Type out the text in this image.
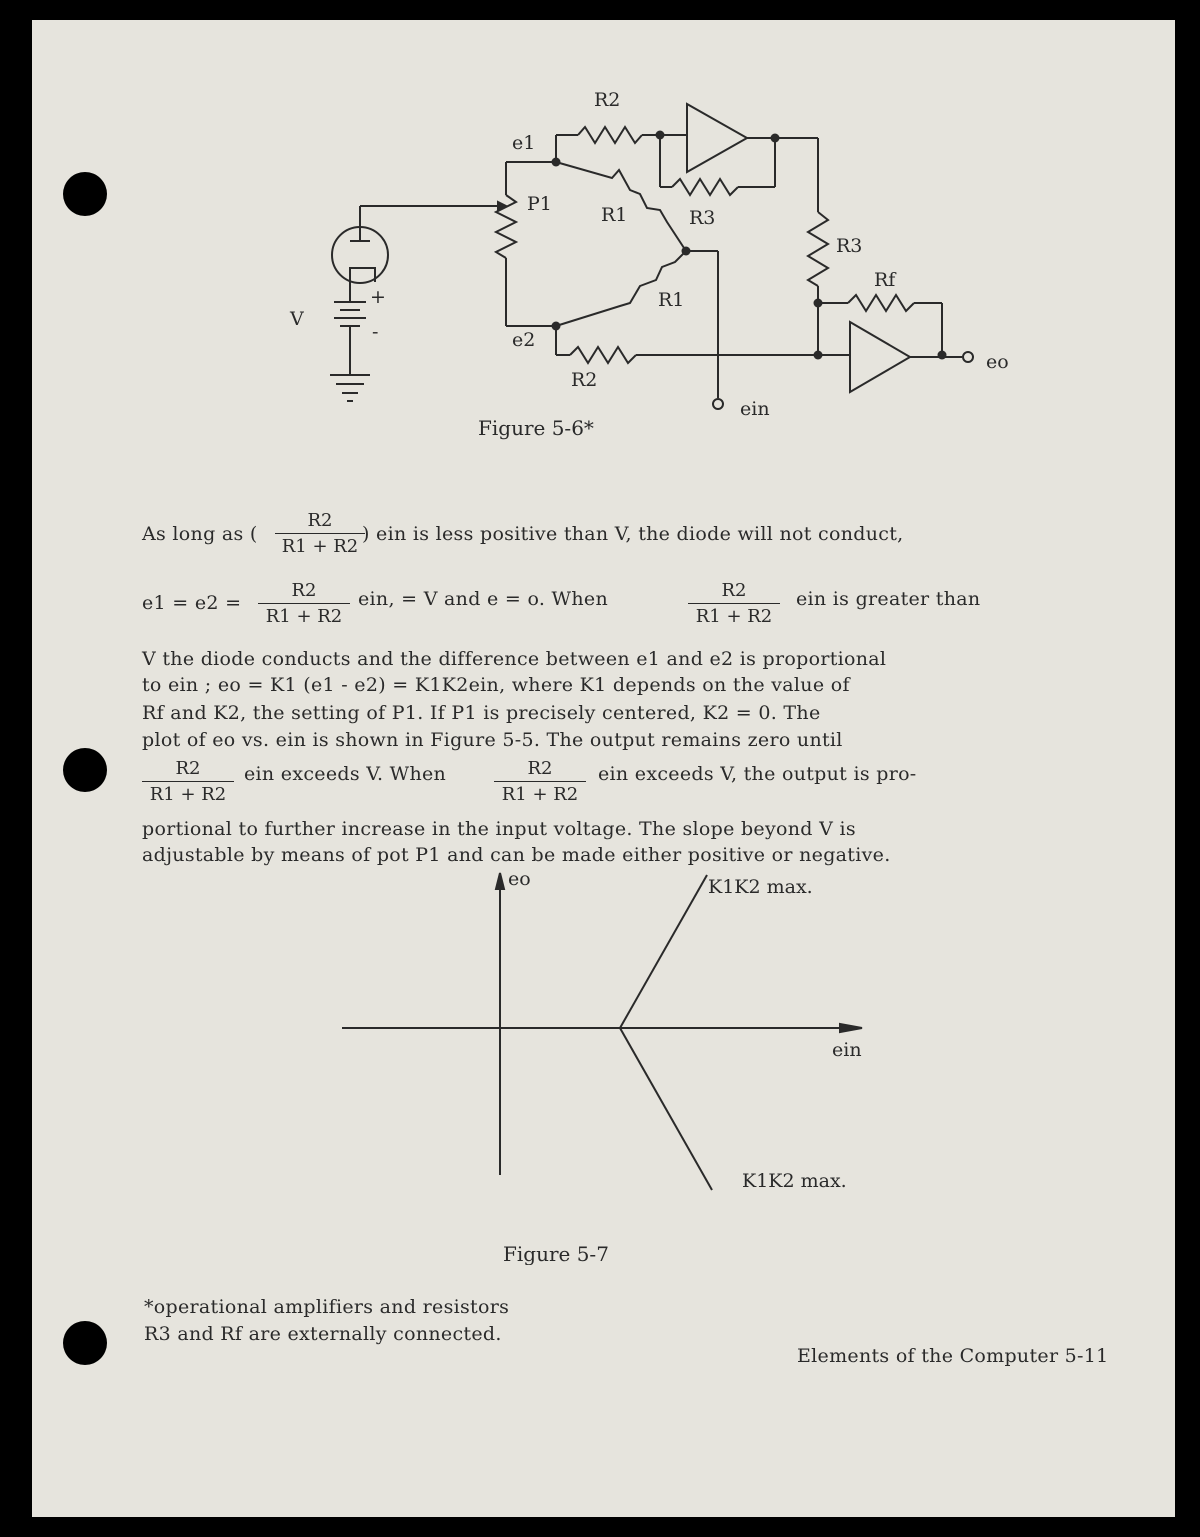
R2
e1
P1	R1	R3
R3
Rf
R1
e2
R2
V
+
-
ein
eo
Figure 5-6*
As long as (
R2
R1 + R2
) ein is less positive than V, the diode will not conduct,
e1 = e2 =
R2
R1 + R2
ein, = V and e = o. When	R2
R1 + R2
ein is greater than
V the diode conducts and the difference between e1 and e2 is proportional
to ein ; eo = K1 (e1 - e2) = K1K2ein, where K1 depends on the value of
Rf and K2, the setting of P1. If P1 is precisely centered, K2 = 0. The
plot of eo vs. ein is shown in Figure 5-5. The output remains zero until
R2
R1 + R2
ein exceeds V. When	R2
R1 + R2
ein exceeds V, the output is pro-
portional to further increase in the input voltage. The slope beyond V is
adjustable by means of pot P1 and can be made either positive or negative.
eo
ein
K1K2 max.
K1K2 max.
Figure 5-7
*operational amplifiers and resistors
R3 and Rf are externally connected.
Elements of the Computer 5-11
